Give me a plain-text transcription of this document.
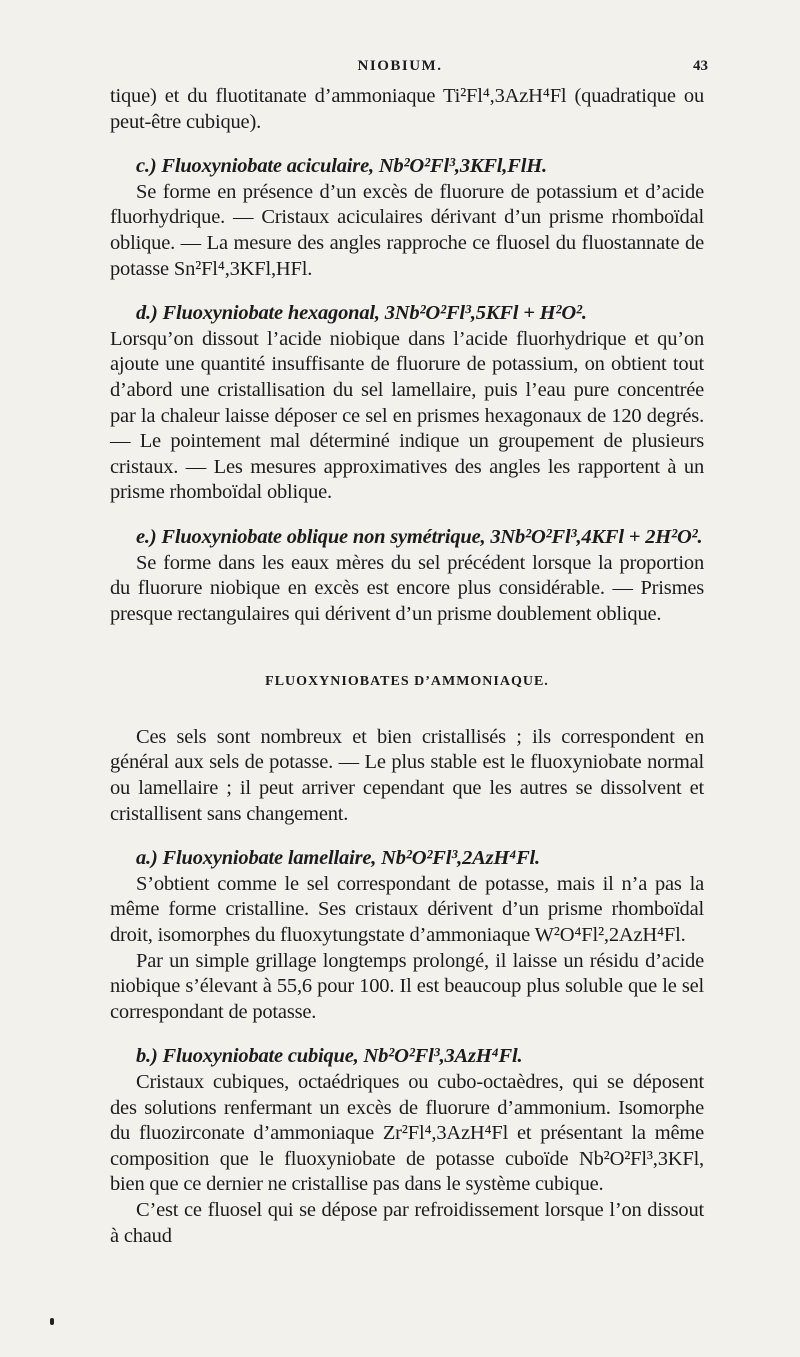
NIOBIUM.	43

tique) et du fluotitanate d’ammoniaque Ti²Fl⁴,3AzH⁴Fl (quadratique ou peut-être cubique).

c.) Fluoxyniobate aciculaire, Nb²O²Fl³,3KFl,FlH.

Se forme en présence d’un excès de fluorure de potassium et d’acide fluorhydrique. — Cristaux aciculaires dérivant d’un prisme rhomboïdal oblique. — La mesure des angles rapproche ce fluosel du fluostannate de potasse Sn²Fl⁴,3KFl,HFl.

d.) Fluoxyniobate hexagonal, 3Nb²O²Fl³,5KFl + H²O².

Lorsqu’on dissout l’acide niobique dans l’acide fluorhydrique et qu’on ajoute une quantité insuffisante de fluorure de potassium, on obtient tout d’abord une cristallisation du sel lamellaire, puis l’eau pure concentrée par la chaleur laisse déposer ce sel en prismes hexagonaux de 120 degrés. — Le pointement mal déterminé indique un groupement de plusieurs cristaux. — Les mesures approximatives des angles les rapportent à un prisme rhomboïdal oblique.

e.) Fluoxyniobate oblique non symétrique, 3Nb²O²Fl³,4KFl + 2H²O².

Se forme dans les eaux mères du sel précédent lorsque la proportion du fluorure niobique en excès est encore plus considérable. — Prismes presque rectangulaires qui dérivent d’un prisme doublement oblique.

FLUOXYNIOBATES D’AMMONIAQUE.

Ces sels sont nombreux et bien cristallisés ; ils correspondent en général aux sels de potasse. — Le plus stable est le fluoxyniobate normal ou lamellaire ; il peut arriver cependant que les autres se dissolvent et cristallisent sans changement.

a.) Fluoxyniobate lamellaire, Nb²O²Fl³,2AzH⁴Fl.

S’obtient comme le sel correspondant de potasse, mais il n’a pas la même forme cristalline. Ses cristaux dérivent d’un prisme rhomboïdal droit, isomorphes du fluoxytungstate d’ammoniaque W²O⁴Fl²,2AzH⁴Fl.

Par un simple grillage longtemps prolongé, il laisse un résidu d’acide niobique s’élevant à 55,6 pour 100. Il est beaucoup plus soluble que le sel correspondant de potasse.

b.) Fluoxyniobate cubique, Nb²O²Fl³,3AzH⁴Fl.

Cristaux cubiques, octaédriques ou cubo-octaèdres, qui se déposent des solutions renfermant un excès de fluorure d’ammonium. Isomorphe du fluozirconate d’ammoniaque Zr²Fl⁴,3AzH⁴Fl et présentant la même composition que le fluoxyniobate de potasse cuboïde Nb²O²Fl³,3KFl, bien que ce dernier ne cristallise pas dans le système cubique.

C’est ce fluosel qui se dépose par refroidissement lorsque l’on dissout à chaud
